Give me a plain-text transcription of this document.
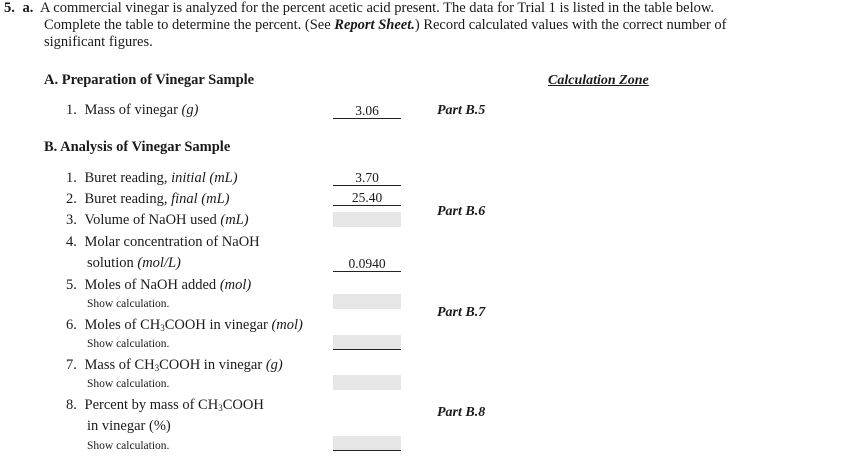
5. a. A commercial vinegar is analyzed for the percent acetic acid present. The data for Trial 1 is listed in the table below.
Complete the table to determine the percent. (See Report Sheet.) Record calculated values with the correct number of
significant figures.
Calculation Zone
A. Preparation of Vinegar Sample
1. Mass of vinegar (g)	3.06	Part B.5
B. Analysis of Vinegar Sample
1. Buret reading, initial (mL)	3.70
2. Buret reading, final (mL)	25.40
Part B.6
3. Volume of NaOH used (mL)
4. Molar concentration of NaOH
solution (mol/L)	0.0940
5. Moles of NaOH added (mol)
Show calculation.
Part B.7
6. Moles of $CH_3COOH$ in vinegar (mol)
Show calculation.
7. Mass of $CH_3COOH$ in vinegar (g)
Show calculation.
8. Percent by mass of $CH_3COOH$
in vinegar (%)
Part B.8
Show calculation.
